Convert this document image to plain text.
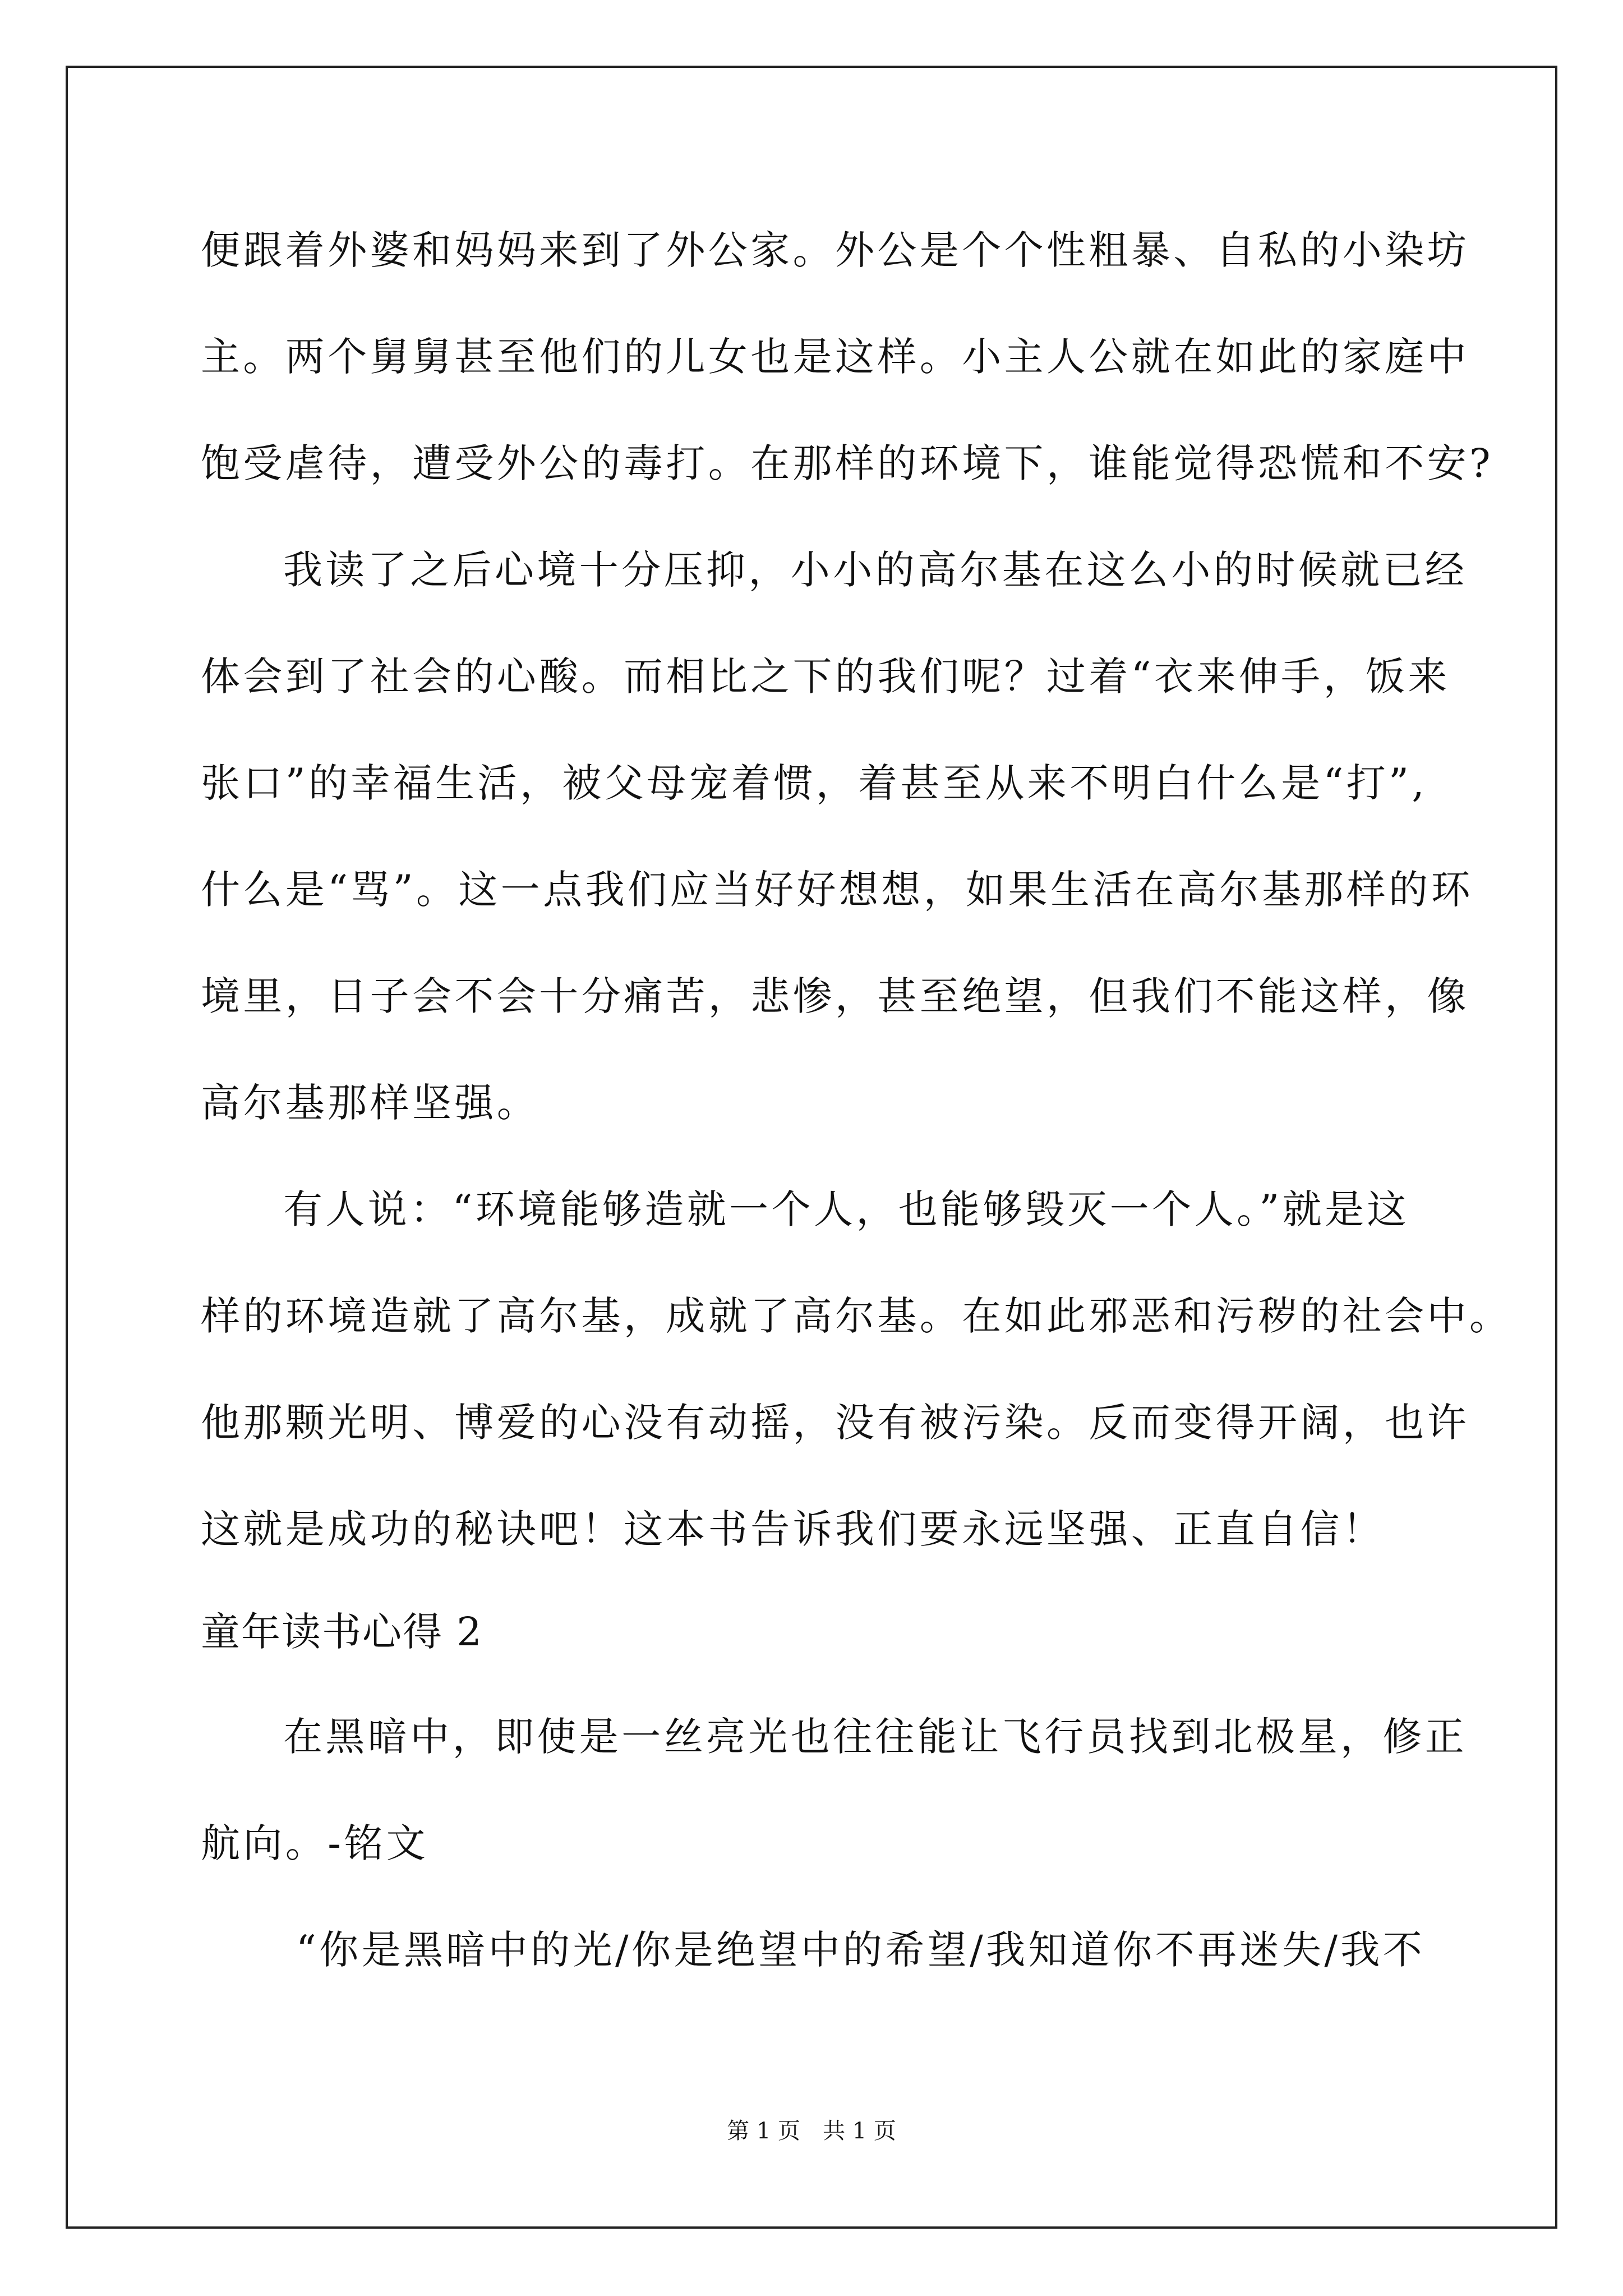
便跟着外婆和妈妈来到了外公家。外公是个个性粗暴、自私的小染坊
主。两个舅舅甚至他们的儿女也是这样。小主人公就在如此的家庭中
饱受虐待，遭受外公的毒打。在那样的环境下，谁能觉得恐慌和不安?
我读了之后心境十分压抑，小小的高尔基在这么小的时候就已经
体会到了社会的心酸。而相比之下的我们呢？过着“衣来伸手，饭来
张口”的幸福生活，被父母宠着惯，着甚至从来不明白什么是“打”,
什么是“骂”。这一点我们应当好好想想，如果生活在高尔基那样的环
境里，日子会不会十分痛苦，悲惨，甚至绝望，但我们不能这样，像
高尔基那样坚强。
有人说：“环境能够造就一个人，也能够毁灭一个人。”就是这
样的环境造就了高尔基，成就了高尔基。在如此邪恶和污秽的社会中。
他那颗光明、博爱的心没有动摇，没有被污染。反而变得开阔，也许
这就是成功的秘诀吧！这本书告诉我们要永远坚强、正直自信！
童年读书心得 2
在黑暗中，即使是一丝亮光也往往能让飞行员找到北极星，修正
航向。-铭文
“你是黑暗中的光/你是绝望中的希望/我知道你不再迷失/我不
第 1 页 共 1 页
